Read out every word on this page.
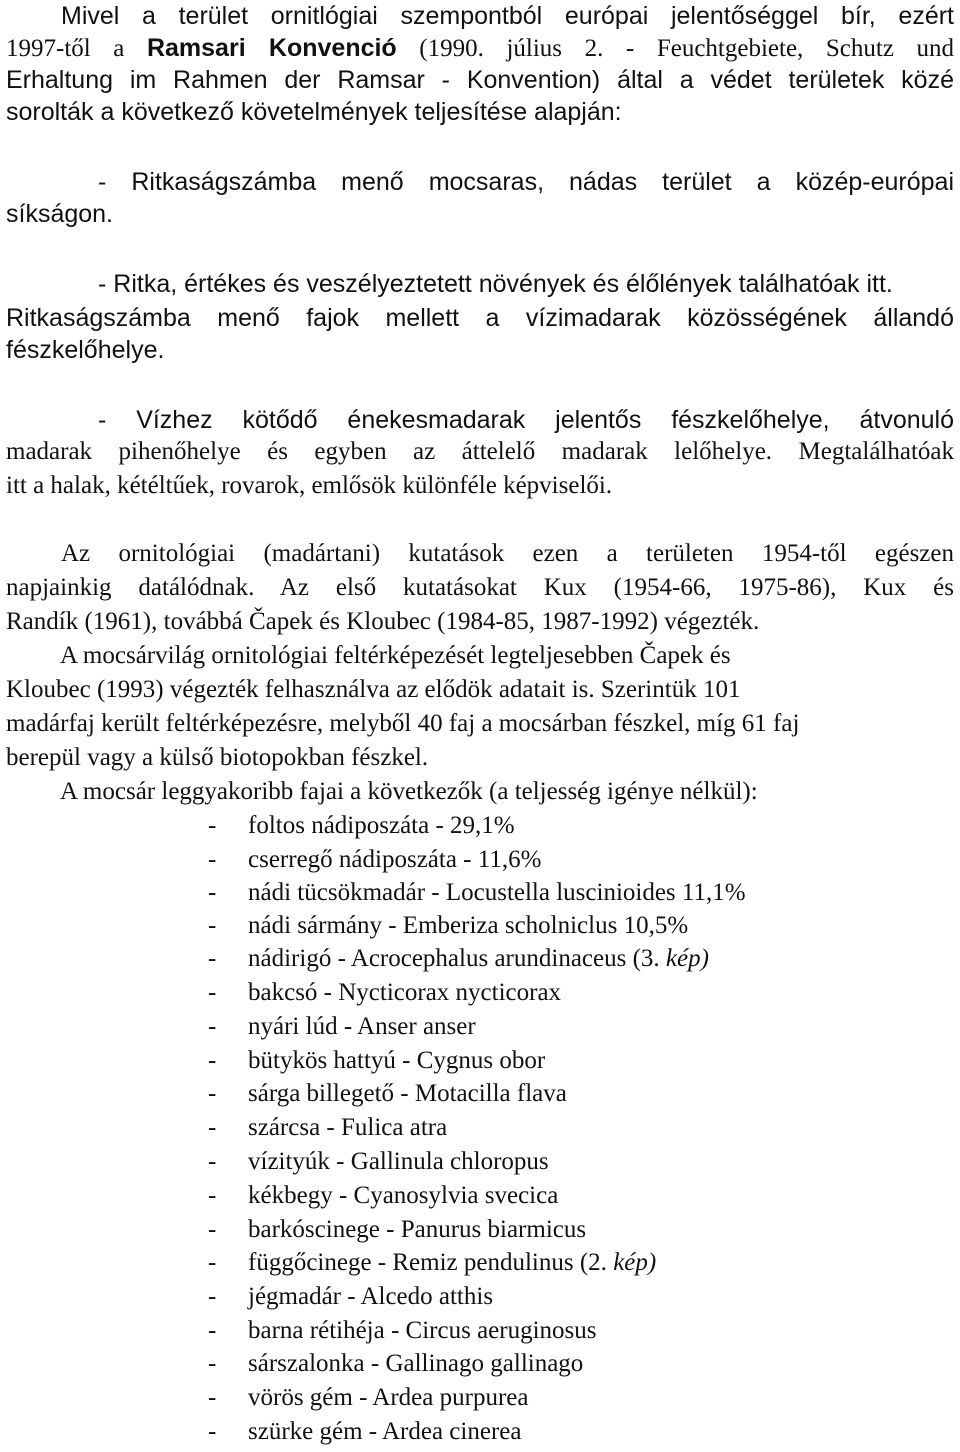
Mivel a terület ornitlógiai szempontból európai jelentőséggel bír, ezért
1997-től a Ramsari Konvenció (1990. július 2. - Feuchtgebiete, Schutz und
Erhaltung im Rahmen der Ramsar - Konvention) által a védet területek közé
sorolták a következő követelmények teljesítése alapján:
- Ritkaságszámba menő mocsaras, nádas terület a közép-európai
síkságon.
- Ritka, értékes és veszélyeztetett növények és élőlények találhatóak itt.
Ritkaságszámba menő fajok mellett a vízimadarak közösségének állandó
fészkelőhelye.
- Vízhez kötődő énekesmadarak jelentős fészkelőhelye, átvonuló
madarak pihenőhelye és egyben az áttelelő madarak lelőhelye. Megtalálhatóak
itt a halak, kétéltűek, rovarok, emlősök különféle képviselői.
Az ornitológiai (madártani) kutatások ezen a területen 1954-től egészen
napjainkig datálódnak. Az első kutatásokat Kux (1954-66, 1975-86), Kux és
Randík (1961), továbbá Čapek és Kloubec (1984-85, 1987-1992) végezték.
A mocsárvilág ornitológiai feltérképezését legteljesebben Čapek és
Kloubec (1993) végezték felhasználva az elődök adatait is. Szerintük 101
madárfaj került feltérképezésre, melyből 40 faj a mocsárban fészkel, míg 61 faj
berepül vagy a külső biotopokban fészkel.
A mocsár leggyakoribb fajai a következők (a teljesség igénye nélkül):
- foltos nádiposzáta - 29,1%
- cserregő nádiposzáta - 11,6%
- nádi tücsökmadár - Locustella luscinioides 11,1%
- nádi sármány - Emberiza scholniclus 10,5%
- nádirigó - Acrocephalus arundinaceus (3. kép)
- bakcsó - Nycticorax nycticorax
- nyári lúd - Anser anser
- bütykös hattyú - Cygnus obor
- sárga billegető - Motacilla flava
- szárcsa - Fulica atra
- vízityúk - Gallinula chloropus
- kékbegy - Cyanosylvia svecica
- barkóscinege - Panurus biarmicus
- függőcinege - Remiz pendulinus (2. kép)
- jégmadár - Alcedo atthis
- barna rétihéja - Circus aeruginosus
- sárszalonka - Gallinago gallinago
- vörös gém - Ardea purpurea
- szürke gém - Ardea cinerea
